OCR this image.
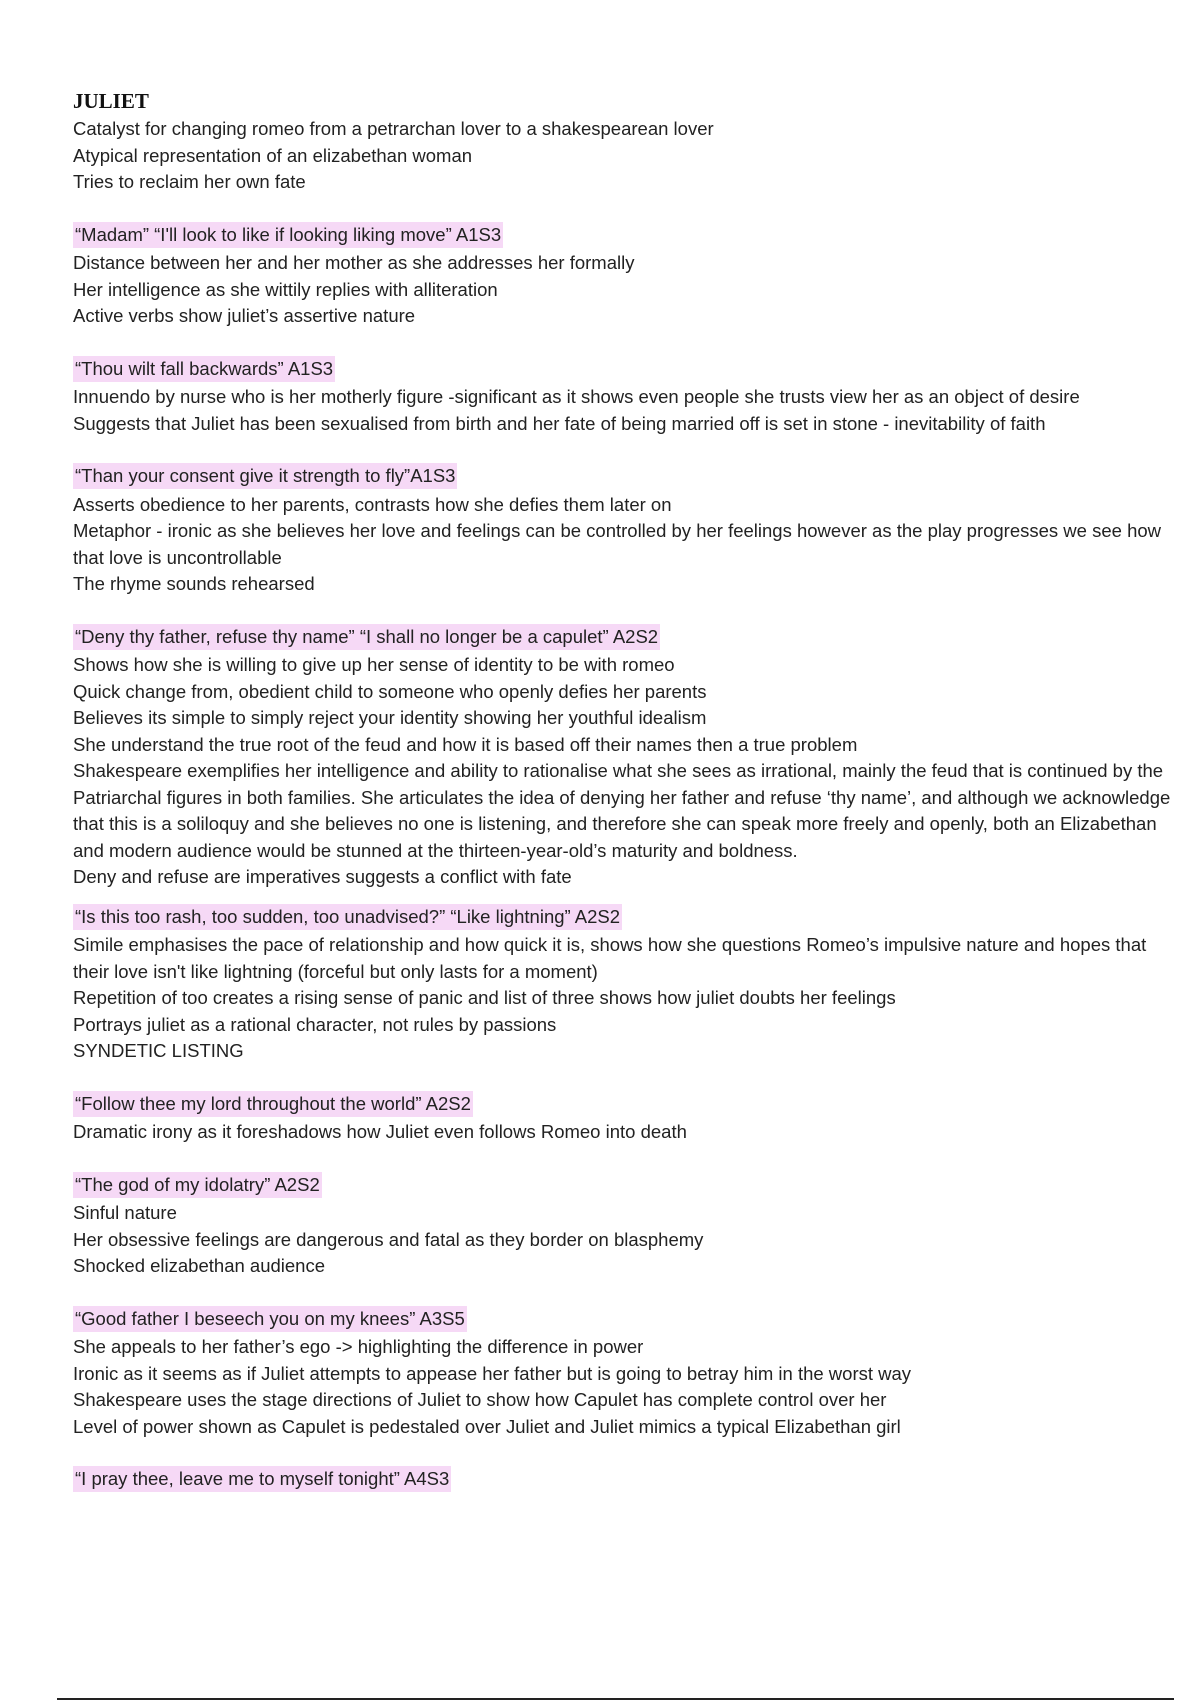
JULIET

Catalyst for changing romeo from a petrarchan lover to a shakespearean lover

Atypical representation of an elizabethan woman

Tries to reclaim her own fate

“Madam” “I'll look to like if looking liking move” A1S3

Distance between her and her mother as she addresses her formally

Her intelligence as she wittily replies with alliteration

Active verbs show juliet’s assertive nature

“Thou wilt fall backwards” A1S3

Innuendo by nurse who is her motherly figure -significant as it shows even people she trusts view her as an object of desire

Suggests that Juliet has been sexualised from birth and her fate of being married off is set in stone - inevitability of faith

“Than your consent give it strength to fly”A1S3

Asserts obedience to her parents, contrasts how she defies them later on

Metaphor - ironic as she believes her love and feelings can be controlled by her feelings however as the play progresses we see how that love is uncontrollable

The rhyme sounds rehearsed

“Deny thy father, refuse thy name” “I shall no longer be a capulet” A2S2

Shows how she is willing to give up her sense of identity to be with romeo

Quick change from, obedient child to someone who openly defies her parents

Believes its simple to simply reject your identity showing her youthful idealism

She understand the true root of the feud and how it is based off their names then a true problem

Shakespeare exemplifies her intelligence and ability to rationalise what she sees as irrational, mainly the feud that is continued by the Patriarchal figures in both families. She articulates the idea of denying her father and refuse ‘thy name’, and although we acknowledge that this is a soliloquy and she believes no one is listening, and therefore she can speak more freely and openly, both an Elizabethan and modern audience would be stunned at the thirteen-year-old’s maturity and boldness.

Deny and refuse are imperatives suggests a conflict with fate

“Is this too rash, too sudden, too unadvised?” “Like lightning” A2S2

Simile emphasises the pace of relationship and how quick it is, shows how she questions Romeo’s impulsive nature and hopes that their love isn't like lightning (forceful but only lasts for a moment)

Repetition of too creates a rising sense of panic and list of three shows how juliet doubts her feelings

Portrays juliet as a rational character, not rules by passions

SYNDETIC LISTING

“Follow thee my lord throughout the world” A2S2

Dramatic irony as it foreshadows how Juliet even follows Romeo into death

“The god of my idolatry” A2S2

Sinful nature

Her obsessive feelings are dangerous and fatal as they border on blasphemy

Shocked elizabethan audience

“Good father I beseech you on my knees” A3S5

She appeals to her father’s ego -> highlighting the difference in power

Ironic as it seems as if Juliet attempts to appease her father but is going to betray him in the worst way

Shakespeare uses the stage directions of Juliet to show how Capulet has complete control over her

Level of power shown as Capulet is pedestaled over Juliet and Juliet mimics a typical Elizabethan girl

“I pray thee, leave me to myself tonight” A4S3
